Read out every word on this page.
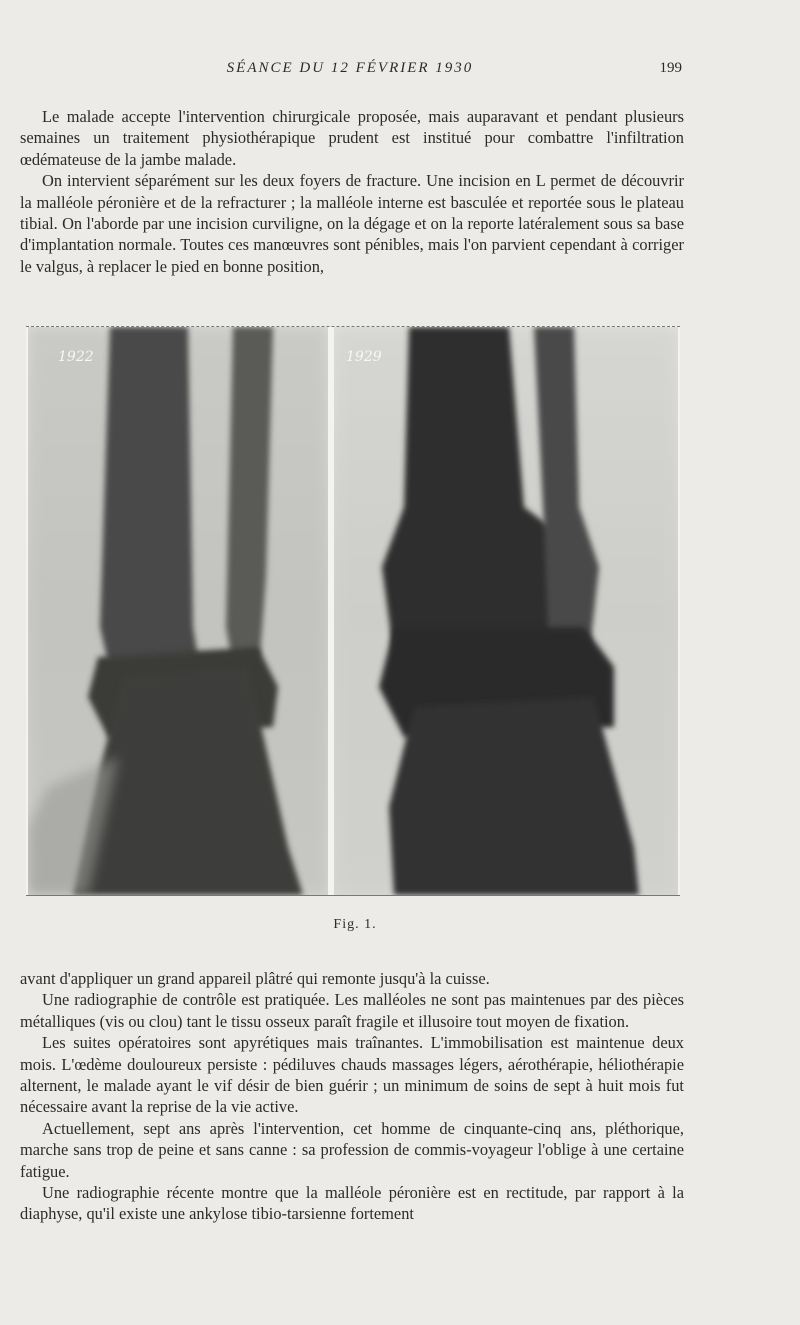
SÉANCE DU 12 FÉVRIER 1930	199

Le malade accepte l'intervention chirurgicale proposée, mais auparavant et pendant plusieurs semaines un traitement physiothérapique prudent est institué pour combattre l'infiltration œdémateuse de la jambe malade.

On intervient séparément sur les deux foyers de fracture. Une incision en L permet de découvrir la malléole péronière et de la refracturer ; la malléole interne est basculée et reportée sous le plateau tibial. On l'aborde par une incision curviligne, on la dégage et on la reporte latéralement sous sa base d'implantation normale. Toutes ces manœuvres sont pénibles, mais l'on parvient cependant à corriger le valgus, à replacer le pied en bonne position,

1922	1929
Fig. 1.

avant d'appliquer un grand appareil plâtré qui remonte jusqu'à la cuisse.

Une radiographie de contrôle est pratiquée. Les malléoles ne sont pas maintenues par des pièces métalliques (vis ou clou) tant le tissu osseux paraît fragile et illusoire tout moyen de fixation.

Les suites opératoires sont apyrétiques mais traînantes. L'immobilisation est maintenue deux mois. L'œdème douloureux persiste : pédiluves chauds massages légers, aérothérapie, héliothérapie alternent, le malade ayant le vif désir de bien guérir ; un minimum de soins de sept à huit mois fut nécessaire avant la reprise de la vie active.

Actuellement, sept ans après l'intervention, cet homme de cinquante-cinq ans, pléthorique, marche sans trop de peine et sans canne : sa profession de commis-voyageur l'oblige à une certaine fatigue.

Une radiographie récente montre que la malléole péronière est en rectitude, par rapport à la diaphyse, qu'il existe une ankylose tibio-tarsienne fortement
